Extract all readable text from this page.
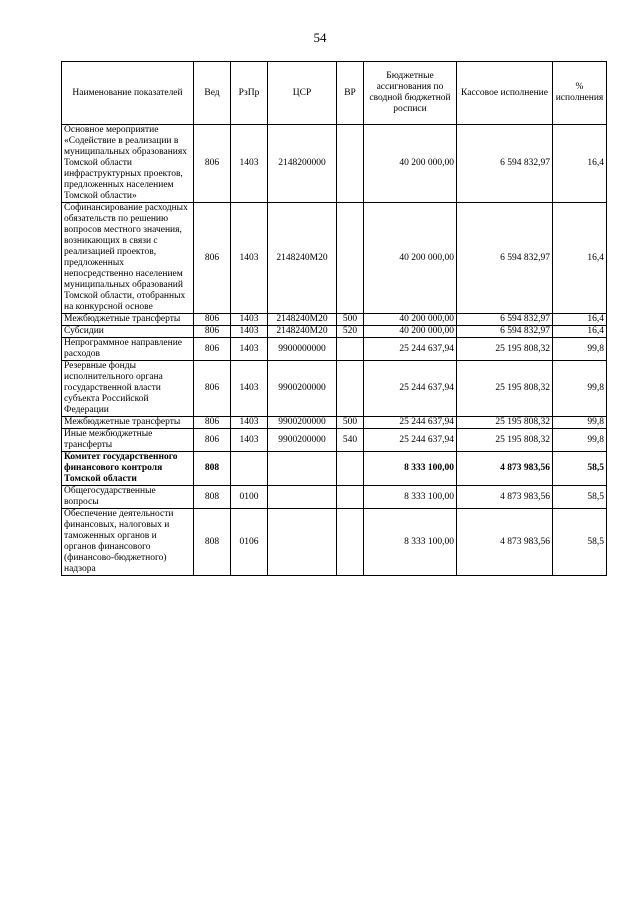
54
Наименование показателей	Вед	РзПр	ЦСР	ВР	Бюджетные ассигнования по сводной бюджетной росписи	Кассовое исполнение	% исполнения
Основное мероприятие «Содействие в реализации в муниципальных образованиях Томской области инфраструктурных проектов, предложенных населением Томской области»	806	1403	2148200000		40 200 000,00	6 594 832,97	16,4
Софинансирование расходных обязательств по решению вопросов местного значения, возникающих в связи с реализацией проектов, предложенных непосредственно населением муниципальных образований Томской области, отобранных на конкурсной основе	806	1403	2148240M20		40 200 000,00	6 594 832,97	16,4
Межбюджетные трансферты	806	1403	2148240M20	500	40 200 000,00	6 594 832,97	16,4
Субсидии	806	1403	2148240M20	520	40 200 000,00	6 594 832,97	16,4
Непрограммное направление расходов	806	1403	9900000000		25 244 637,94	25 195 808,32	99,8
Резервные фонды исполнительного органа государственной власти субъекта Российской Федерации	806	1403	9900200000		25 244 637,94	25 195 808,32	99,8
Межбюджетные трансферты	806	1403	9900200000	500	25 244 637,94	25 195 808,32	99,8
Иные межбюджетные трансферты	806	1403	9900200000	540	25 244 637,94	25 195 808,32	99,8
Комитет государственного финансового контроля Томской области	808				8 333 100,00	4 873 983,56	58,5
Общегосударственные вопросы	808	0100			8 333 100,00	4 873 983,56	58,5
Обеспечение деятельности финансовых, налоговых и таможенных органов и органов финансового (финансово-бюджетного) надзора	808	0106			8 333 100,00	4 873 983,56	58,5
